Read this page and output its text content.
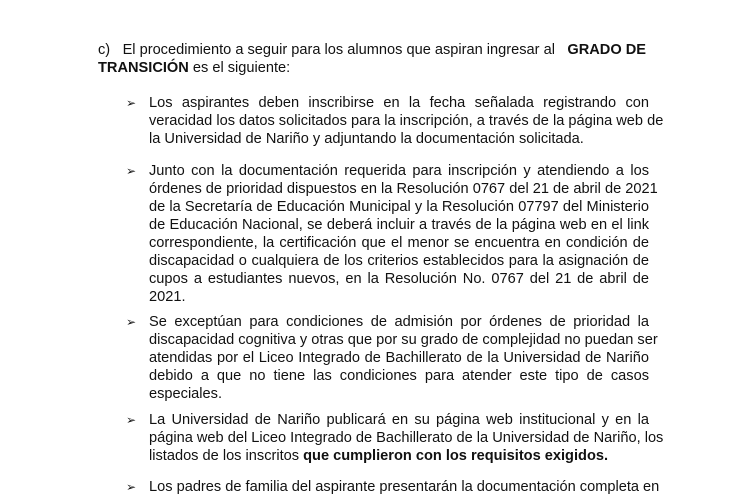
c) El procedimiento a seguir para los alumnos que aspiran ingresar al GRADO DE
TRANSICIÓN es el siguiente:
➢ Los aspirantes deben inscribirse en la fecha señalada registrando con
veracidad los datos solicitados para la inscripción, a través de la página web de
la Universidad de Nariño y adjuntando la documentación solicitada.
➢ Junto con la documentación requerida para inscripción y atendiendo a los
órdenes de prioridad dispuestos en la Resolución 0767 del 21 de abril de 2021
de la Secretaría de Educación Municipal y la Resolución 07797 del Ministerio
de Educación Nacional, se deberá incluir a través de la página web en el link
correspondiente, la certificación que el menor se encuentra en condición de
discapacidad o cualquiera de los criterios establecidos para la asignación de
cupos a estudiantes nuevos, en la Resolución No. 0767 del 21 de abril de
2021.
➢ Se exceptúan para condiciones de admisión por órdenes de prioridad la
discapacidad cognitiva y otras que por su grado de complejidad no puedan ser
atendidas por el Liceo Integrado de Bachillerato de la Universidad de Nariño
debido a que no tiene las condiciones para atender este tipo de casos
especiales.
➢ La Universidad de Nariño publicará en su página web institucional y en la
página web del Liceo Integrado de Bachillerato de la Universidad de Nariño, los
listados de los inscritos que cumplieron con los requisitos exigidos.
➢ Los padres de familia del aspirante presentarán la documentación completa en
